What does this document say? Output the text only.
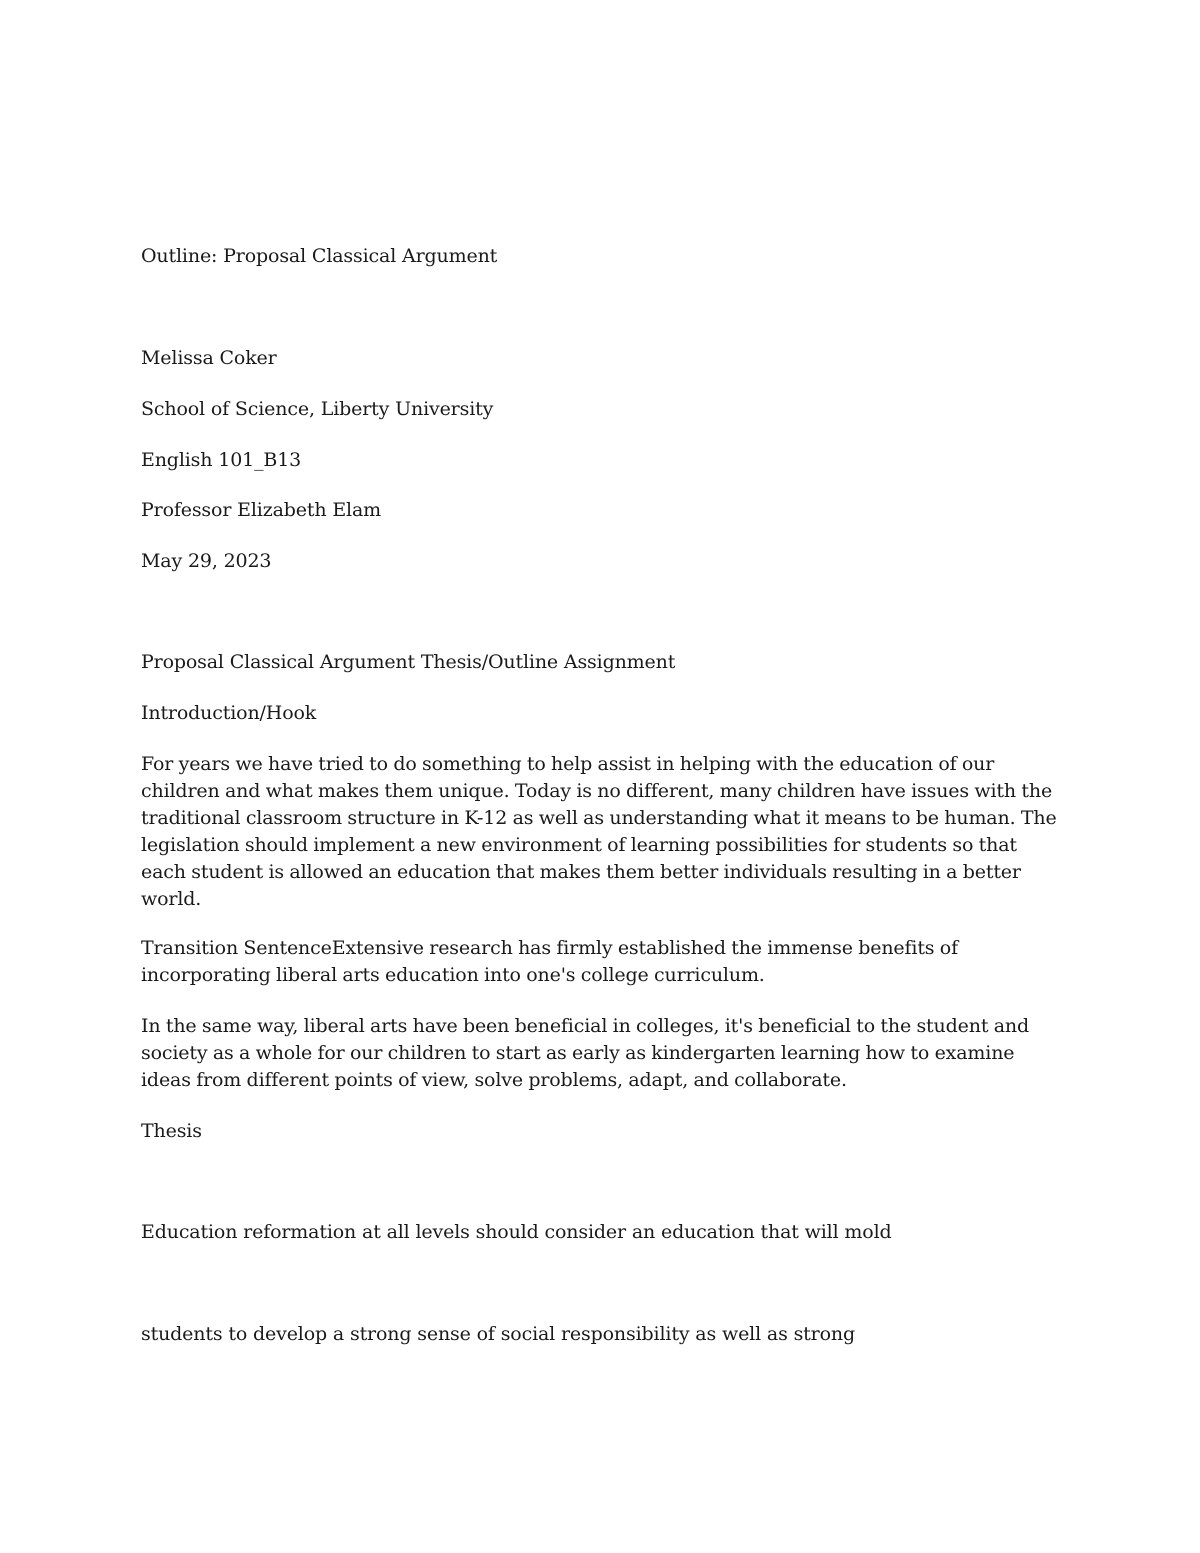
Outline: Proposal Classical Argument

Melissa Coker

School of Science, Liberty University

English 101_B13

Professor Elizabeth Elam

May 29, 2023

Proposal Classical Argument Thesis/Outline Assignment

Introduction/Hook

For years we have tried to do something to help assist in helping with the education of our children and what makes them unique. Today is no different, many children have issues with the traditional classroom structure in K-12 as well as understanding what it means to be human. The legislation should implement a new environment of learning possibilities for students so that each student is allowed an education that makes them better individuals resulting in a better world.

Transition SentenceExtensive research has firmly established the immense benefits of incorporating liberal arts education into one's college curriculum.

In the same way, liberal arts have been beneficial in colleges, it's beneficial to the student and society as a whole for our children to start as early as kindergarten learning how to examine ideas from different points of view, solve problems, adapt, and collaborate.

Thesis

Education reformation at all levels should consider an education that will mold

students to develop a strong sense of social responsibility as well as strong
